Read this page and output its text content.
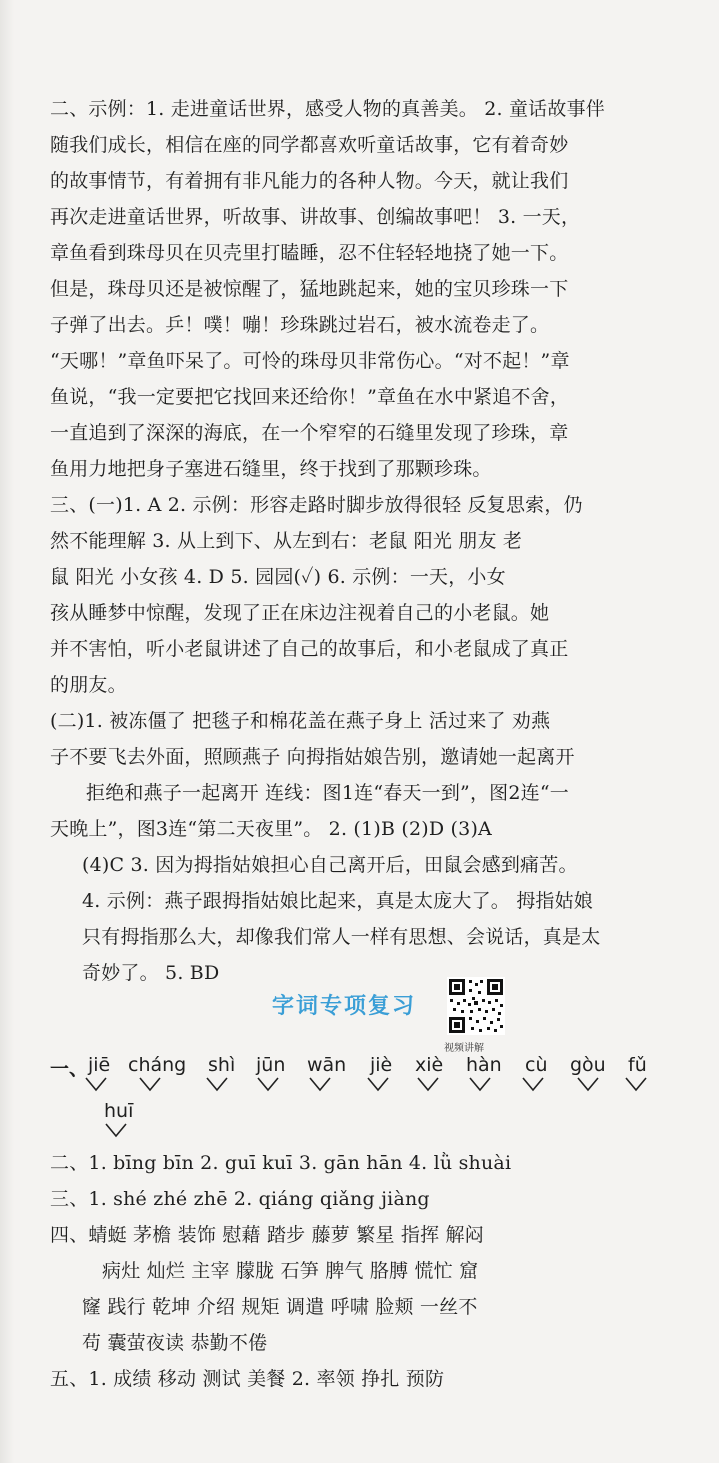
二、示例：1. 走进童话世界，感受人物的真善美。 2. 童话故事伴
随我们成长，相信在座的同学都喜欢听童话故事，它有着奇妙
的故事情节，有着拥有非凡能力的各种人物。今天，就让我们
再次走进童话世界，听故事、讲故事、创编故事吧！ 3. 一天，
章鱼看到珠母贝在贝壳里打瞌睡，忍不住轻轻地挠了她一下。
但是，珠母贝还是被惊醒了，猛地跳起来，她的宝贝珍珠一下
子弹了出去。乒！噗！嘣！珍珠跳过岩石，被水流卷走了。
“天哪！”章鱼吓呆了。可怜的珠母贝非常伤心。“对不起！”章
鱼说，“我一定要把它找回来还给你！”章鱼在水中紧追不舍，
一直追到了深深的海底，在一个窄窄的石缝里发现了珍珠，章
鱼用力地把身子塞进石缝里，终于找到了那颗珍珠。
三、(一)1. A 2. 示例：形容走路时脚步放得很轻 反复思索，仍
然不能理解 3. 从上到下、从左到右：老鼠 阳光 朋友 老
鼠 阳光 小女孩 4. D 5. 园园(✓) 6. 示例：一天，小女
孩从睡梦中惊醒，发现了正在床边注视着自己的小老鼠。她
并不害怕，听小老鼠讲述了自己的故事后，和小老鼠成了真正
的朋友。
(二)1. 被冻僵了 把毯子和棉花盖在燕子身上 活过来了 劝燕
子不要飞去外面，照顾燕子 向拇指姑娘告别，邀请她一起离开
拒绝和燕子一起离开 连线：图1连“春天一到”，图2连“一
天晚上”，图3连“第二天夜里”。 2. (1)B (2)D (3)A
(4)C 3. 因为拇指姑娘担心自己离开后，田鼠会感到痛苦。
4. 示例：燕子跟拇指姑娘比起来，真是太庞大了。 拇指姑娘
只有拇指那么大，却像我们常人一样有思想、会说话，真是太
奇妙了。 5. BD
字词专项复习
视频讲解
一、 jiē cháng shì jūn wān jiè xiè hàn cù gòu fǔ
huī
二、1. bīng bīn 2. guī kuī 3. gān hān 4. lǜ shuài
三、1. shé zhé zhē 2. qiáng qiǎng jiàng
四、蜻蜓 茅檐 装饰 慰藉 踏步 藤萝 繁星 指挥 解闷
病灶 灿烂 主宰 朦胧 石笋 脾气 胳膊 慌忙 窟
窿 践行 乾坤 介绍 规矩 调遣 呼啸 脸颊 一丝不
苟 囊萤夜读 恭勤不倦
五、1. 成绩 移动 测试 美餐 2. 率领 挣扎 预防
